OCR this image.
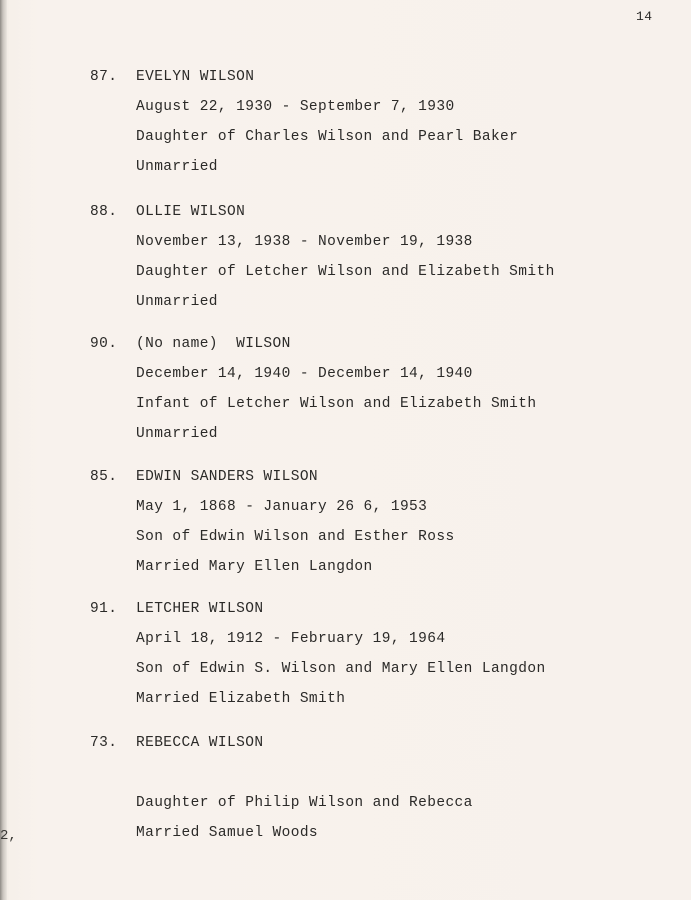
14
2,
87. EVELYN WILSON
August 22, 1930 - September 7, 1930
Daughter of Charles Wilson and Pearl Baker
Unmarried
88. OLLIE WILSON
November 13, 1938 - November 19, 1938
Daughter of Letcher Wilson and Elizabeth Smith
Unmarried
90. (No name)  WILSON
December 14, 1940 - December 14, 1940
Infant of Letcher Wilson and Elizabeth Smith
Unmarried
85. EDWIN SANDERS WILSON
May 1, 1868 - January 26 6, 1953
Son of Edwin Wilson and Esther Ross
Married Mary Ellen Langdon
91. LETCHER WILSON
April 18, 1912 - February 19, 1964
Son of Edwin S. Wilson and Mary Ellen Langdon
Married Elizabeth Smith
73. REBECCA WILSON
Daughter of Philip Wilson and Rebecca
Married Samuel Woods
